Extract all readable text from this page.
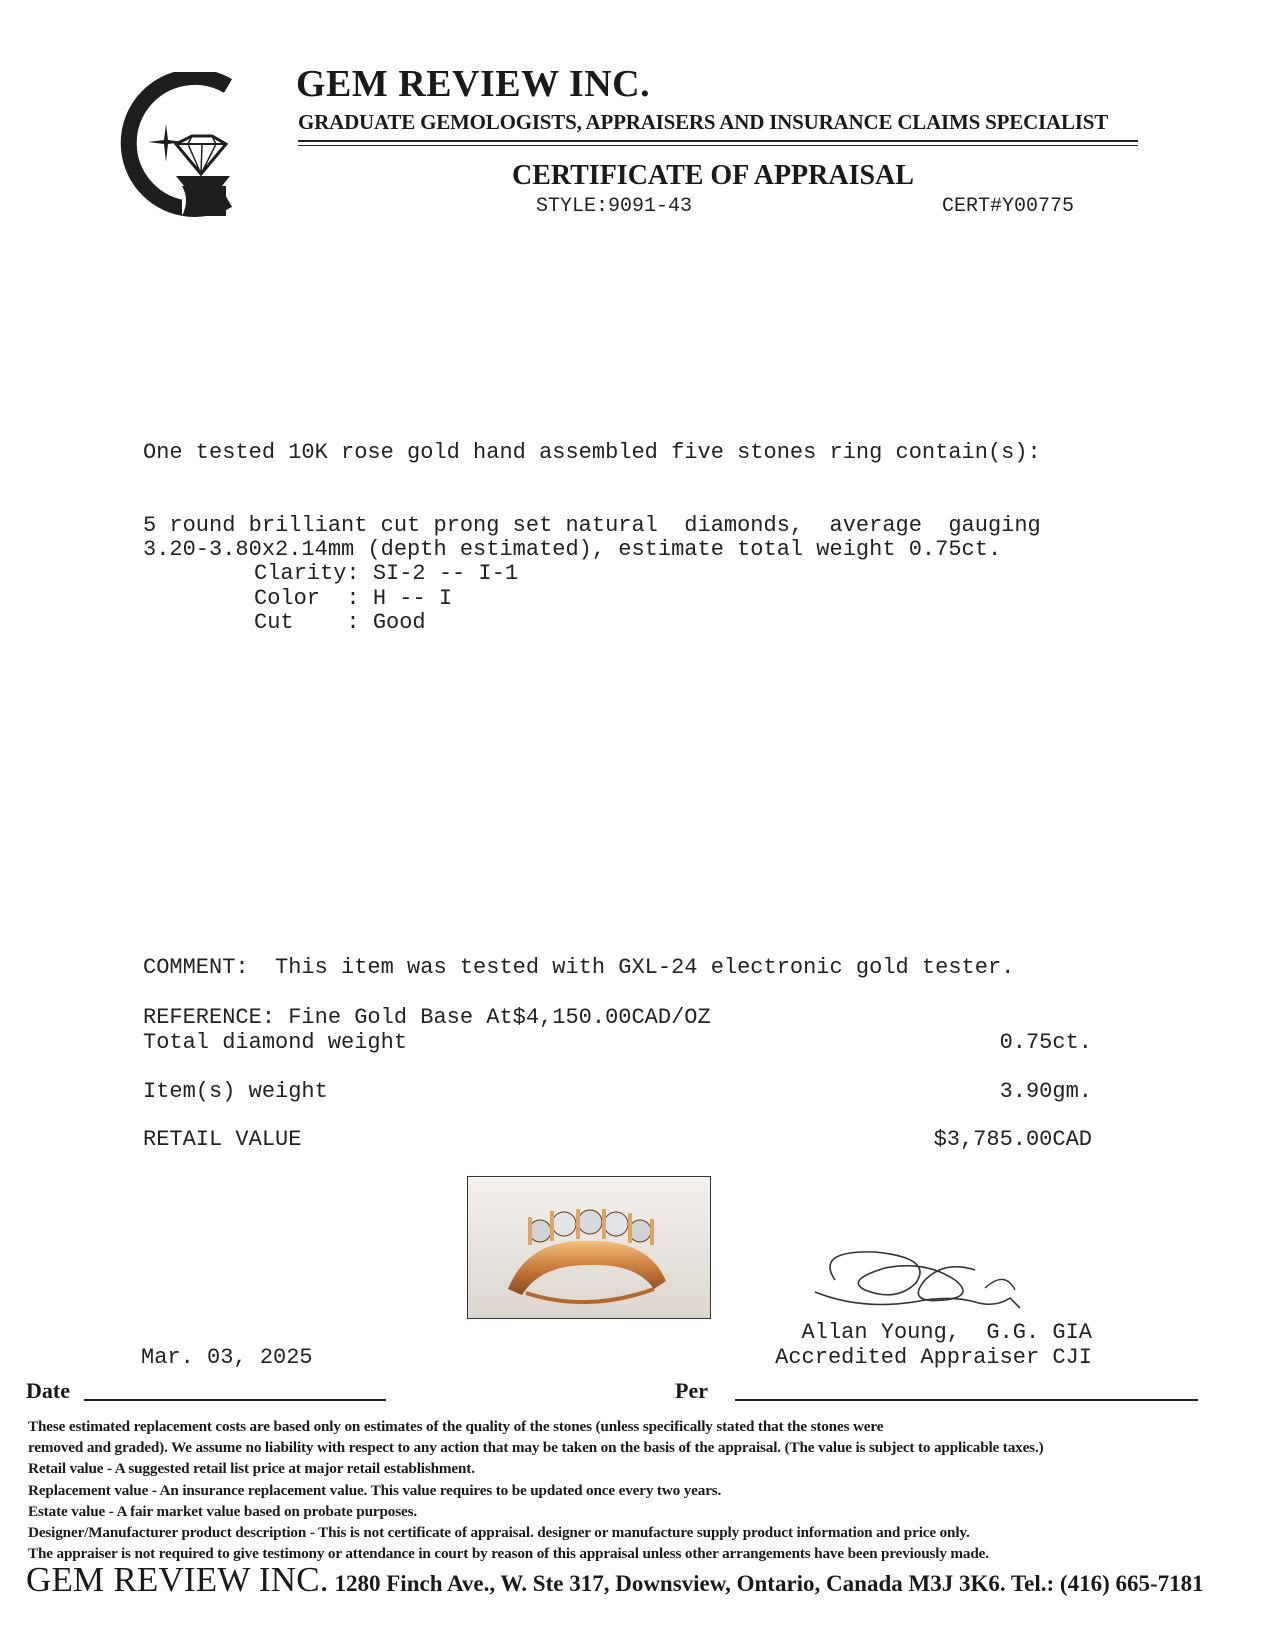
GEM REVIEW INC.
GRADUATE GEMOLOGISTS, APPRAISERS AND INSURANCE CLAIMS SPECIALIST
CERTIFICATE OF APPRAISAL
STYLE:9091-43	CERT#Y00775
One tested 10K rose gold hand assembled five stones ring contain(s):
5 round brilliant cut prong set natural  diamonds,  average  gauging
3.20-3.80x2.14mm (depth estimated), estimate total weight 0.75ct.
Clarity: SI-2 -- I-1
Color  : H -- I
Cut    : Good
COMMENT:  This item was tested with GXL-24 electronic gold tester.
REFERENCE: Fine Gold Base At$4,150.00CAD/OZ
Total diamond weight	0.75ct.
Item(s) weight	3.90gm.
RETAIL VALUE	$3,785.00CAD
Mar. 03, 2025
Allan Young,  G.G. GIA
Accredited Appraiser CJI
Date	Per

These estimated replacement costs are based only on estimates of the quality of the stones (unless specifically stated that the stones were

removed and graded). We assume no liability with respect to any action that may be taken on the basis of the appraisal. (The value is subject to applicable taxes.)

Retail value - A suggested retail list price at major retail establishment.

Replacement value - An insurance replacement value. This value requires to be updated once every two years.

Estate value - A fair market value based on probate purposes.

Designer/Manufacturer product description - This is not certificate of appraisal. designer or manufacture supply product information and price only.

The appraiser is not required to give testimony or attendance in court by reason of this appraisal unless other arrangements have been previously made.

GEM REVIEW INC. 1280 Finch Ave., W. Ste 317, Downsview, Ontario, Canada M3J 3K6. Tel.: (416) 665-7181
